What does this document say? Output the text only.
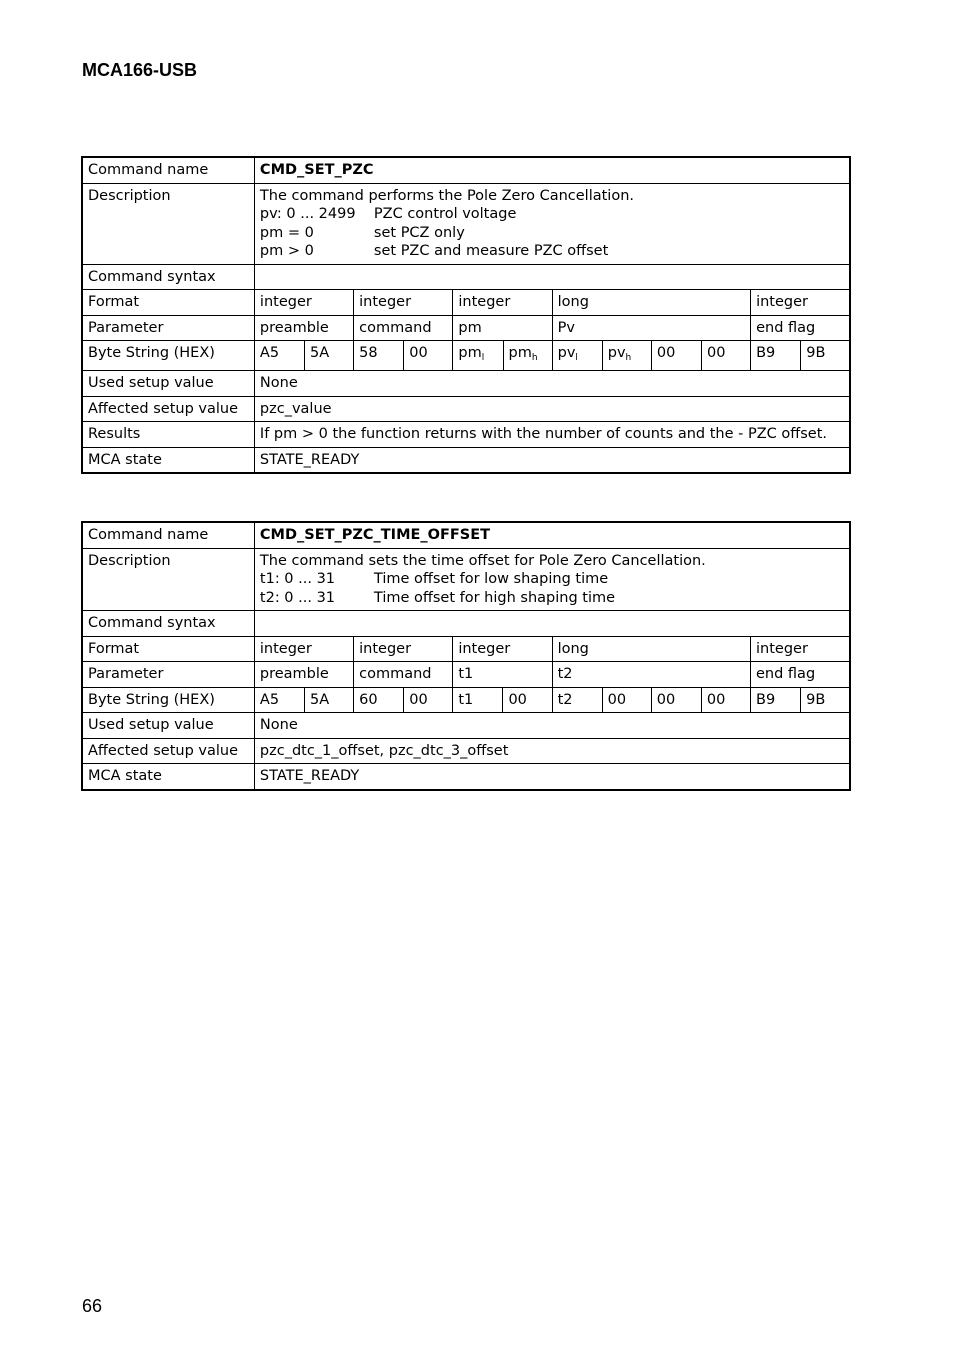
MCA166-USB
Command name	CMD_SET_PZC											
Description	The command performs the Pole Zero Cancellation.
pv: 0 ... 2499 PZC control voltage
pm = 0 set PCZ only
pm > 0 set PZC and measure PZC offset											

Command syntax												
Format	integer		integer		integer		long				integer	
Parameter	preamble		command		pm		Pv				end flag	
Byte String (HEX)	A5	5A	58	00	$pm_l$	$pm_h$	$pv_l$	$pv_h$	00	00	B9	9B
Used setup value	None											
Affected setup value	pzc_value											
Results	If pm > 0 the function returns with the number of counts and the - PZC offset.											
MCA state	STATE_READY											
Command name	CMD_SET_PZC_TIME_OFFSET											
Description	The command sets the time offset for Pole Zero Cancellation.
t1: 0 ... 31 Time offset for low shaping time
t2: 0 ... 31 Time offset for high shaping time											

Command syntax												
Format	integer		integer		integer		long				integer	
Parameter	preamble		command		t1		t2				end flag	
Byte String (HEX)	A5	5A	60	00	t1	00	t2	00	00	00	B9	9B
Used setup value	None											
Affected setup value	pzc_dtc_1_offset, pzc_dtc_3_offset											
MCA state	STATE_READY											
66
